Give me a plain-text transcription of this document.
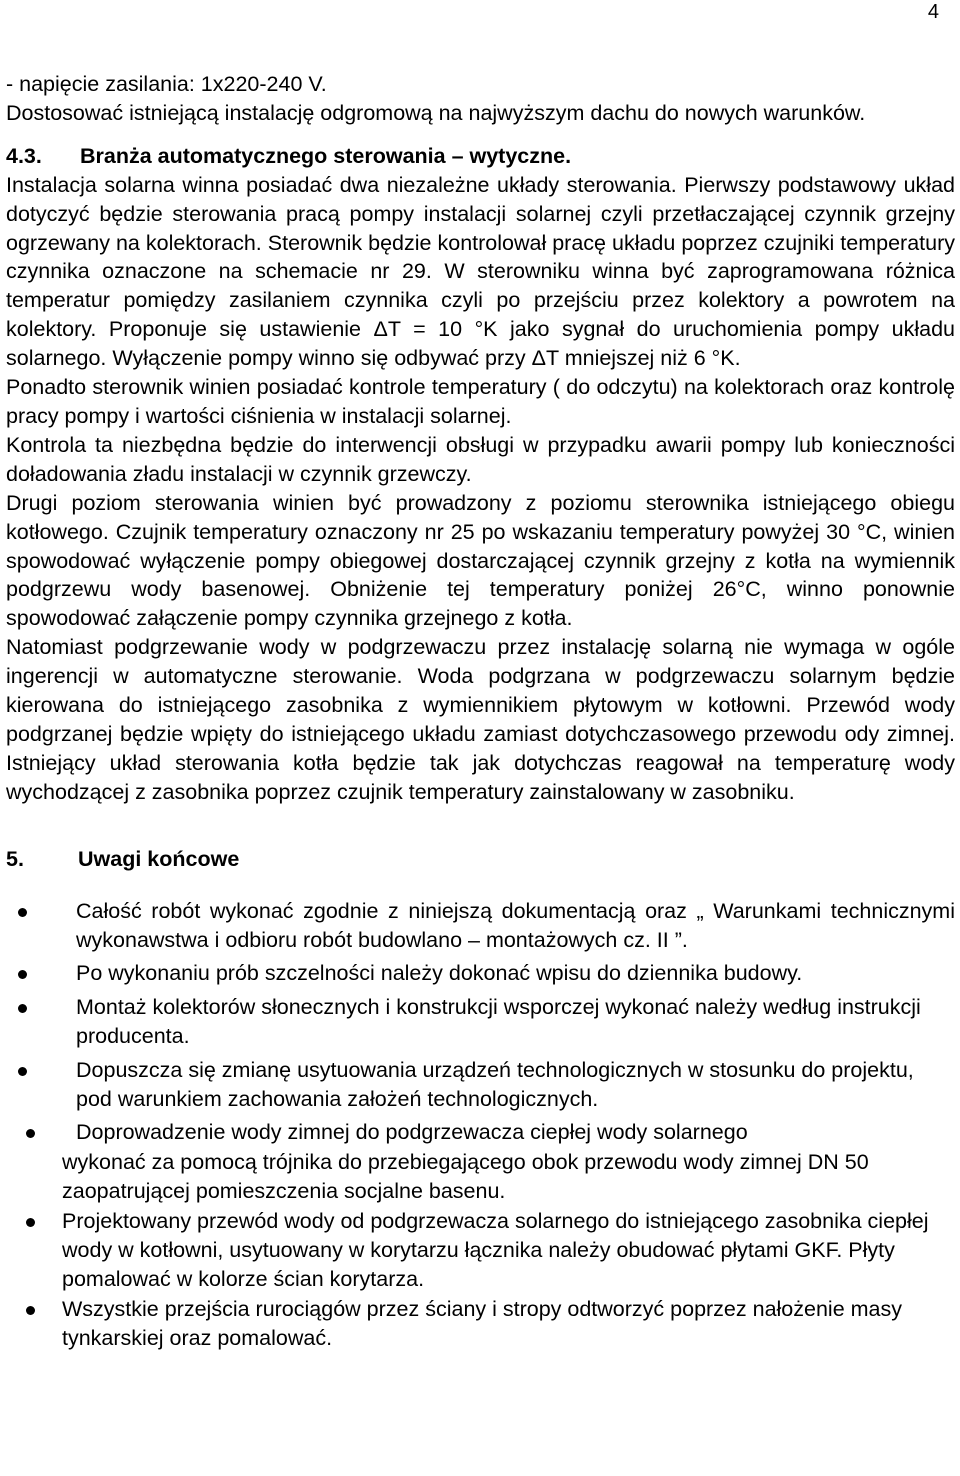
4

- napięcie zasilania: 1x220-240 V.

Dostosować istniejącą instalację odgromową na najwyższym dachu do nowych warunków.

4.3. Branża automatycznego sterowania – wytyczne.

Instalacja solarna winna posiadać dwa niezależne układy sterowania. Pierwszy podstawowy układ dotyczyć będzie sterowania pracą pompy instalacji solarnej czyli przetłaczającej czynnik grzejny ogrzewany na kolektorach. Sterownik będzie kontrolował pracę układu poprzez czujniki temperatury czynnika oznaczone na schemacie nr 29. W sterowniku winna być zaprogramowana różnica temperatur pomiędzy zasilaniem czynnika czyli po przejściu przez kolektory a powrotem na kolektory. Proponuje się ustawienie ΔT = 10 °K jako sygnał do uruchomienia pompy układu solarnego. Wyłączenie pompy winno się odbywać przy ΔT mniejszej niż 6 °K.

Ponadto sterownik winien posiadać kontrole temperatury ( do odczytu) na kolektorach oraz kontrolę pracy pompy i wartości ciśnienia w instalacji solarnej.

Kontrola ta niezbędna będzie do interwencji obsługi w przypadku awarii pompy lub konieczności doładowania zładu instalacji w czynnik grzewczy.

Drugi poziom sterowania winien być prowadzony z poziomu sterownika istniejącego obiegu kotłowego. Czujnik temperatury oznaczony nr 25 po wskazaniu temperatury powyżej 30 °C, winien spowodować wyłączenie pompy obiegowej dostarczającej czynnik grzejny z kotła na wymiennik podgrzewu wody basenowej. Obniżenie tej temperatury poniżej 26°C, winno ponownie spowodować załączenie pompy czynnika grzejnego z kotła.

Natomiast podgrzewanie wody w podgrzewaczu przez instalację solarną nie wymaga w ogóle ingerencji w automatyczne sterowanie. Woda podgrzana w podgrzewaczu solarnym będzie kierowana do istniejącego zasobnika z wymiennikiem płytowym w kotłowni. Przewód wody podgrzanej będzie wpięty do istniejącego układu zamiast dotychczasowego przewodu ody zimnej. Istniejący układ sterowania kotła będzie tak jak dotychczas reagował na temperaturę wody wychodzącej z zasobnika poprzez czujnik temperatury zainstalowany w zasobniku.

5.	Uwagi końcowe

Całość robót wykonać zgodnie z niniejszą dokumentacją oraz „ Warunkami technicznymi wykonawstwa i odbioru robót budowlano – montażowych cz. II ”.
Po wykonaniu prób szczelności należy dokonać wpisu do dziennika budowy.
Montaż kolektorów słonecznych i konstrukcji wsporczej wykonać należy według instrukcji producenta.
Dopuszcza się zmianę usytuowania urządzeń technologicznych w stosunku do projektu, pod warunkiem zachowania założeń technologicznych.
Doprowadzenie wody zimnej do podgrzewacza ciepłej wody solarnego
wykonać za pomocą trójnika do przebiegającego obok przewodu wody zimnej DN 50 zaopatrującej pomieszczenia socjalne basenu.
Projektowany przewód wody od podgrzewacza solarnego do istniejącego zasobnika ciepłej wody w kotłowni, usytuowany w korytarzu łącznika należy obudować płytami GKF. Płyty pomalować w kolorze ścian korytarza.
Wszystkie przejścia rurociągów przez ściany i stropy odtworzyć poprzez nałożenie masy tynkarskiej oraz pomalować.
